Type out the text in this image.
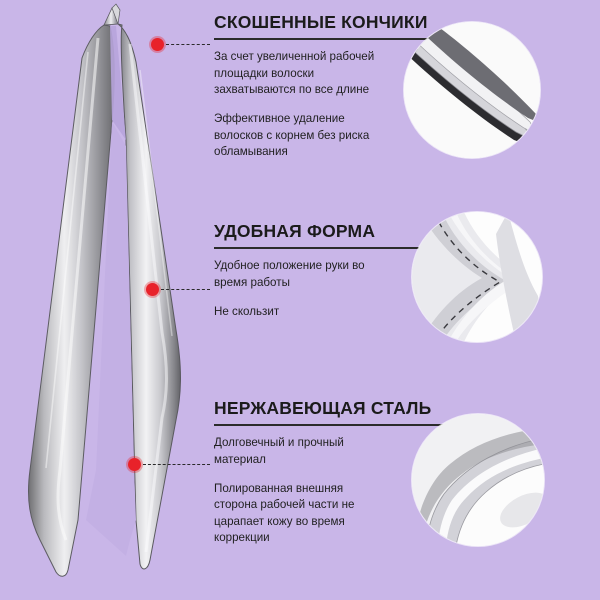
СКОШЕННЫЕ КОНЧИКИ

За счет увеличенной рабочей площадки волоски захватываются по все длине

Эффективное удаление волосков с корнем без риска обламывания

УДОБНАЯ ФОРМА

Удобное положение руки во время работы

Не скользит

НЕРЖАВЕЮЩАЯ СТАЛЬ

Долговечный и прочный материал

Полированная внешняя сторона рабочей части не царапает кожу во время коррекции
